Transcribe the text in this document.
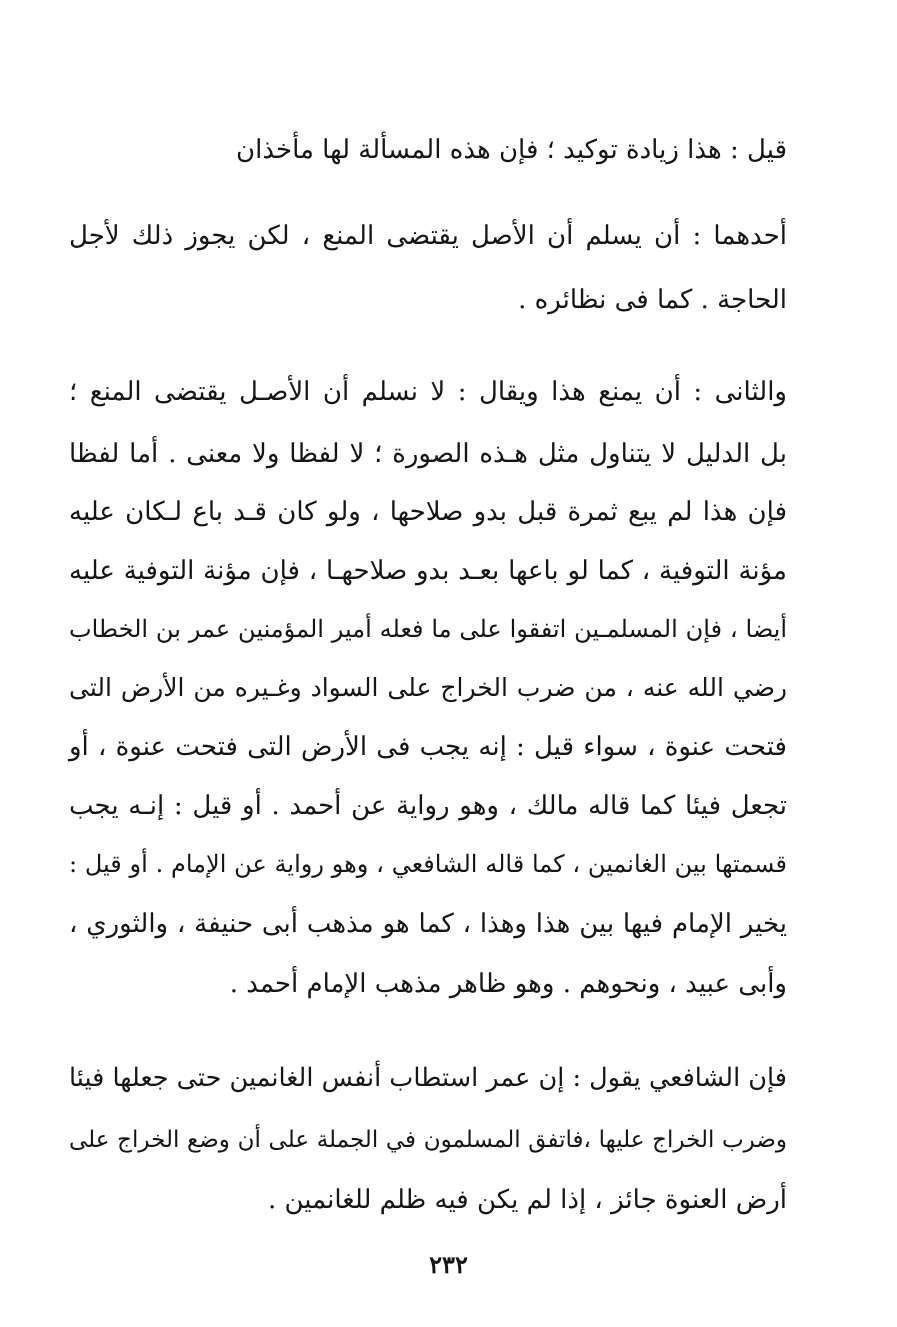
قيل : هذا زيادة توكيد ؛ فإن هذه المسألة لها مأخذان
أحدهما : أن يسلم أن الأصل يقتضى المنع ، لكن يجوز ذلك لأجل
الحاجة . كما فى نظائره .
والثانى : أن يمنع هذا ويقال : لا نسلم أن الأصـل يقتضى المنع ؛
بل الدليل لا يتناول مثل هـذه الصورة ؛ لا لفظا ولا معنى . أما لفظا
فإن هذا لم يبع ثمرة قبل بدو صلاحها ، ولو كان قـد باع لـكان عليه
مؤنة التوفية ، كما لو باعها بعـد بدو صلاحهـا ، فإن مؤنة التوفية عليه
أيضا ، فإن المسلمـين اتفقوا على ما فعله أمير المؤمنين عمر بن الخطاب
رضي الله عنه ، من ضرب الخراج على السواد وغـيره من الأرض التى
فتحت عنوة ، سواء قيل : إنه يجب فى الأرض التى فتحت عنوة ، أو
تجعل فيئا كما قاله مالك ، وهو رواية عن أحمد . أو قيل : إنـه يجب
قسمتها بين الغانمين ، كما قاله الشافعي ، وهو رواية عن الإمام . أو قيل :
يخير الإمام فيها بين هذا وهذا ، كما هو مذهب أبى حنيفة ، والثوري ،
وأبى عبيد ، ونحوهم . وهو ظاهر مذهب الإمام أحمد .
فإن الشافعي يقول : إن عمر استطاب أنفس الغانمين حتى جعلها فيئا
وضرب الخراج عليها ،فاتفق المسلمون في الجملة على أن وضع الخراج على
أرض العنوة جائز ، إذا لم يكن فيه ظلم للغانمين .
٢٣٢
